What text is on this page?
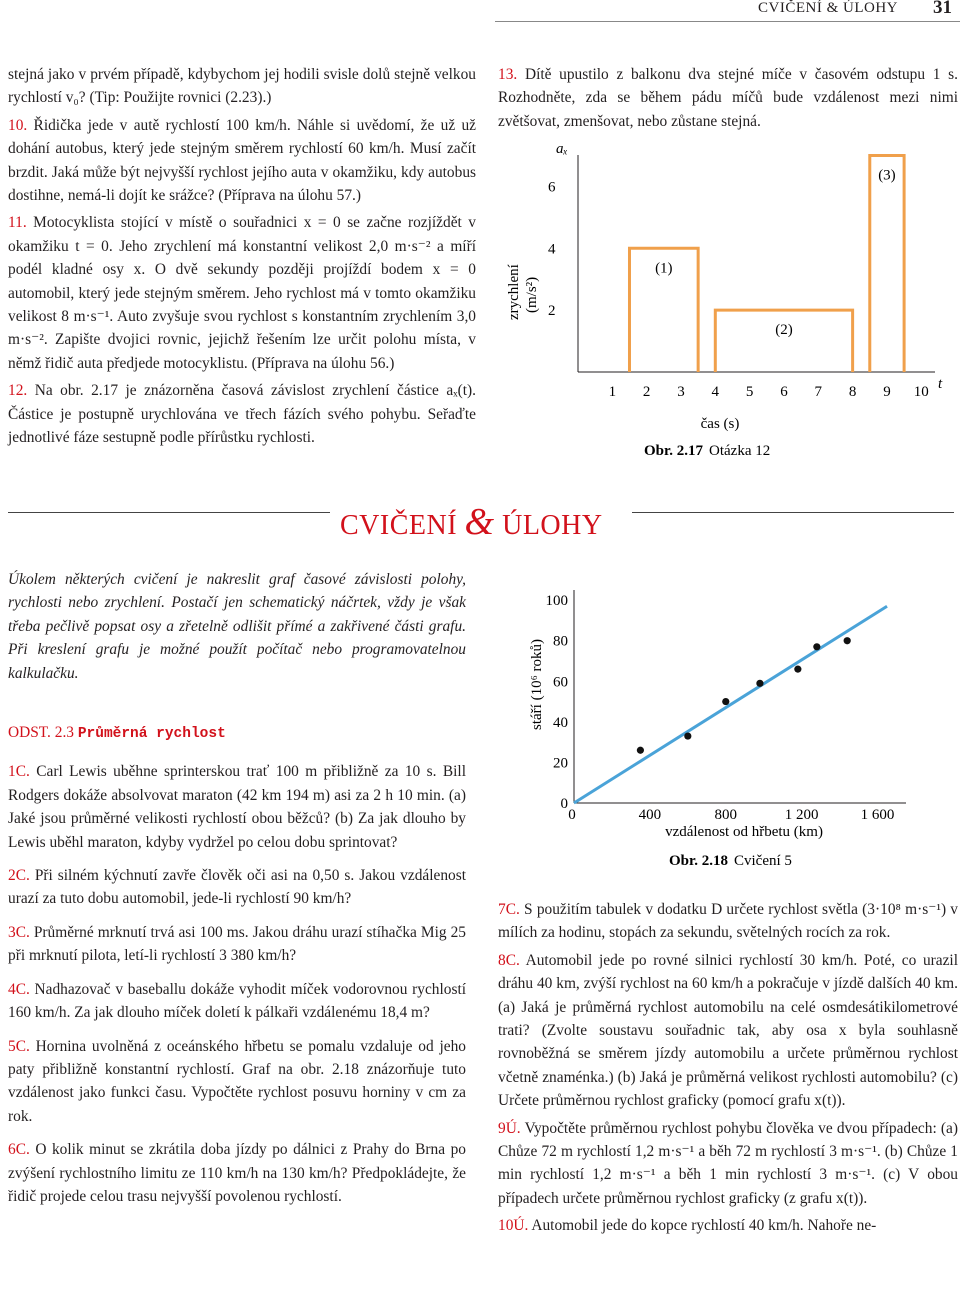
CVIČENÍ & ÚLOHY 31

stejná jako v prvém případě, kdybychom jej hodili svisle dolů stejně velkou rychlostí v₀? (Tip: Použijte rovnici (2.23).)

10. Řidička jede v autě rychlostí 100 km/h. Náhle si uvědomí, že už už dohání autobus, který jede stejným směrem rychlostí 60 km/h. Musí začít brzdit. Jaká může být nejvyšší rychlost jejího auta v okamžiku, kdy autobus dostihne, nemá-li dojít ke srážce? (Příprava na úlohu 57.)

11. Motocyklista stojící v místě o souřadnici x = 0 se začne rozjíždět v okamžiku t = 0. Jeho zrychlení má konstantní velikost 2,0 m·s⁻² a míří podél kladné osy x. O dvě sekundy později projíždí bodem x = 0 automobil, který jede stejným směrem. Jeho rychlost má v tomto okamžiku velikost 8 m·s⁻¹. Auto zvyšuje svou rychlost s konstantním zrychlením 3,0 m·s⁻². Zapište dvojici rovnic, jejichž řešením lze určit polohu místa, v němž řidič auta předjede motocyklistu. (Příprava na úlohu 56.)

12. Na obr. 2.17 je znázorněna časová závislost zrychlení částice aₓ(t). Částice je postupně urychlována ve třech fázích svého pohybu. Seřaďte jednotlivé fáze sestupně podle přírůstku rychlosti.

13. Dítě upustilo z balkonu dva stejné míče v časovém odstupu 1 s. Rozhodněte, zda se během pádu míčů bude vzdálenost mezi nimi zvětšovat, zmenšovat, nebo zůstane stejná.

aₓ
zrychlení (m/s²) 2
4
6
1 2 3 4 5 6 7 8 9 10
(1)
(2)
(3)
t
čas (s)
Obr. 2.17 Otázka 12
CVIČENÍ & ÚLOHY

Úkolem některých cvičení je nakreslit graf časové závislosti polohy, rychlosti nebo zrychlení. Postačí jen schematický náčrtek, vždy je však třeba pečlivě popsat osy a zřetelně odlišit přímé a zakřivené části grafu. Při kreslení grafu je možné použít počítač nebo programovatelnou kalkulačku.

ODST. 2.3 Průměrná rychlost

1C. Carl Lewis uběhne sprinterskou trať 100 m přibližně za 10 s. Bill Rodgers dokáže absolvovat maraton (42 km 194 m) asi za 2 h 10 min. (a) Jaké jsou průměrné velikosti rychlostí obou běžců? (b) Za jak dlouho by Lewis uběhl maraton, kdyby vydržel po celou dobu sprintovat?

2C. Při silném kýchnutí zavře člověk oči asi na 0,50 s. Jakou vzdálenost urazí za tuto dobu automobil, jede-li rychlostí 90 km/h?

3C. Průměrné mrknutí trvá asi 100 ms. Jakou dráhu urazí stíhačka Mig 25 při mrknutí pilota, letí-li rychlostí 3 380 km/h?

4C. Nadhazovač v baseballu dokáže vyhodit míček vodorovnou rychlostí 160 km/h. Za jak dlouho míček doletí k pálkaři vzdálenému 18,4 m?

5C. Hornina uvolněná z oceánského hřbetu se pomalu vzdaluje od jeho paty přibližně konstantní rychlostí. Graf na obr. 2.18 znázorňuje tuto vzdálenost jako funkci času. Vypočtěte rychlost posuvu horniny v cm za rok.

6C. O kolik minut se zkrátila doba jízdy po dálnici z Prahy do Brna po zvýšení rychlostního limitu ze 110 km/h na 130 km/h? Předpokládejte, že řidič projede celou trasu nejvyšší povolenou rychlostí.

stáří (10⁶ roků)
0
20
40
60
80
100
0	400	800	1 200	1 600
vzdálenost od hřbetu (km)
Obr. 2.18 Cvičení 5

7C. S použitím tabulek v dodatku D určete rychlost světla (3·10⁸ m·s⁻¹) v mílích za hodinu, stopách za sekundu, světelných rocích za rok.

8C. Automobil jede po rovné silnici rychlostí 30 km/h. Poté, co urazil dráhu 40 km, zvýší rychlost na 60 km/h a pokračuje v jízdě dalších 40 km. (a) Jaká je průměrná rychlost automobilu na celé osmdesátikilometrové trati? (Zvolte soustavu souřadnic tak, aby osa x byla souhlasně rovnoběžná se směrem jízdy automobilu a určete průměrnou rychlost včetně znaménka.) (b) Jaká je průměrná velikost rychlosti automobilu? (c) Určete průměrnou rychlost graficky (pomocí grafu x(t)).

9Ú. Vypočtěte průměrnou rychlost pohybu člověka ve dvou případech: (a) Chůze 72 m rychlostí 1,2 m·s⁻¹ a běh 72 m rychlostí 3 m·s⁻¹. (b) Chůze 1 min rychlostí 1,2 m·s⁻¹ a běh 1 min rychlostí 3 m·s⁻¹. (c) V obou případech určete průměrnou rychlost graficky (z grafu x(t)).

10Ú. Automobil jede do kopce rychlostí 40 km/h. Nahoře ne-
